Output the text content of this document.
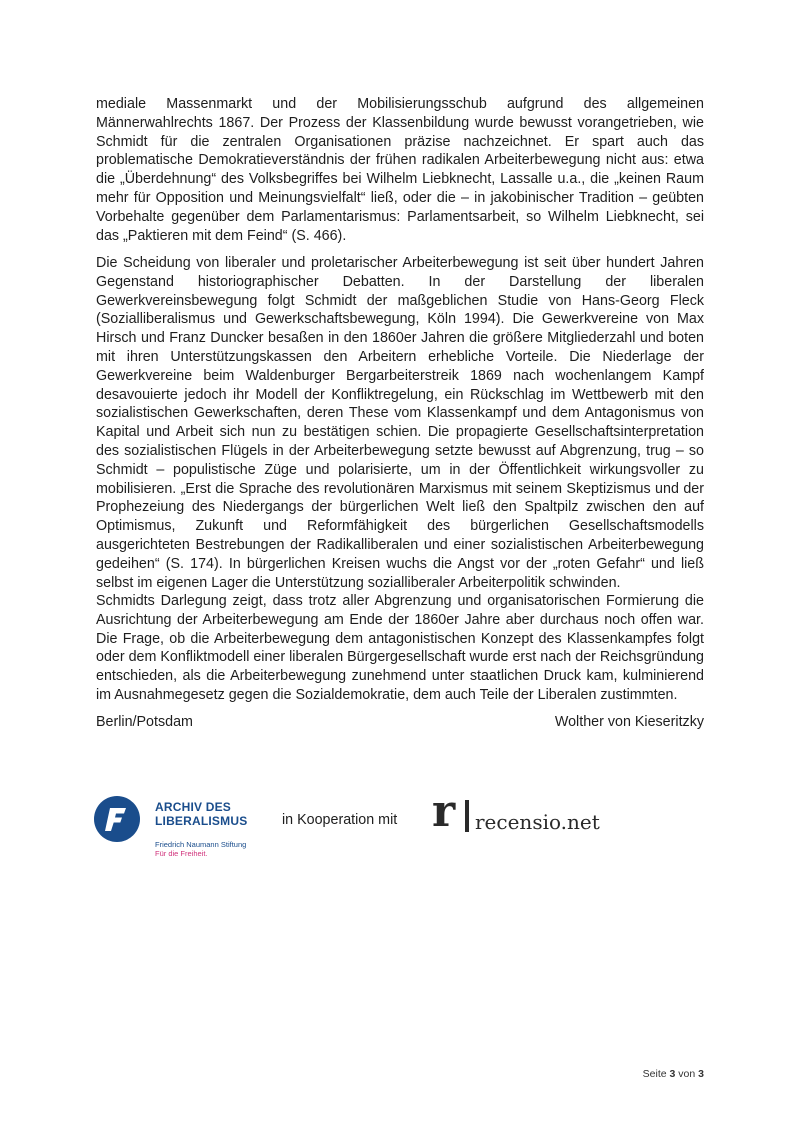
mediale Massenmarkt und der Mobilisierungsschub aufgrund des allgemeinen Männerwahlrechts 1867. Der Prozess der Klassenbildung wurde bewusst vorangetrieben, wie Schmidt für die zentralen Organisationen präzise nachzeichnet. Er spart auch das problematische Demokratieverständnis der frühen radikalen Arbeiterbewegung nicht aus: etwa die „Überdehnung“ des Volksbegriffes bei Wilhelm Liebknecht, Lassalle u.a., die „keinen Raum mehr für Opposition und Meinungsvielfalt“ ließ, oder die – in jakobinischer Tradition – geübten Vorbehalte gegenüber dem Parlamentarismus: Parlamentsarbeit, so Wilhelm Liebknecht, sei das „Paktieren mit dem Feind“ (S. 466).

Die Scheidung von liberaler und proletarischer Arbeiterbewegung ist seit über hundert Jahren Gegenstand historiographischer Debatten. In der Darstellung der liberalen Gewerkvereinsbewegung folgt Schmidt der maßgeblichen Studie von Hans-Georg Fleck (Sozialliberalismus und Gewerkschaftsbewegung, Köln 1994). Die Gewerkvereine von Max Hirsch und Franz Duncker besaßen in den 1860er Jahren die größere Mitgliederzahl und boten mit ihren Unterstützungskassen den Arbeitern erhebliche Vorteile. Die Niederlage der Gewerkvereine beim Waldenburger Bergarbeiterstreik 1869 nach wochenlangem Kampf desavouierte jedoch ihr Modell der Konfliktregelung, ein Rückschlag im Wettbewerb mit den sozialistischen Gewerkschaften, deren These vom Klassenkampf und dem Antagonismus von Kapital und Arbeit sich nun zu bestätigen schien. Die propagierte Gesellschaftsinterpretation des sozialistischen Flügels in der Arbeiterbewegung setzte bewusst auf Abgrenzung, trug – so Schmidt – populistische Züge und polarisierte, um in der Öffentlichkeit wirkungsvoller zu mobilisieren. „Erst die Sprache des revolutionären Marxismus mit seinem Skeptizismus und der Prophezeiung des Niedergangs der bürgerlichen Welt ließ den Spaltpilz zwischen den auf Optimismus, Zukunft und Reformfähigkeit des bürgerlichen Gesellschaftsmodells ausgerichteten Bestrebungen der Radikalliberalen und einer sozialistischen Arbeiterbewegung gedeihen“ (S. 174). In bürgerlichen Kreisen wuchs die Angst vor der „roten Gefahr“ und ließ selbst im eigenen Lager die Unterstützung sozialliberaler Arbeiterpolitik schwinden.

Schmidts Darlegung zeigt, dass trotz aller Abgrenzung und organisatorischen Formierung die Ausrichtung der Arbeiterbewegung am Ende der 1860er Jahre aber durchaus noch offen war. Die Frage, ob die Arbeiterbewegung dem antagonistischen Konzept des Klassenkampfes folgt oder dem Konfliktmodell einer liberalen Bürgergesellschaft wurde erst nach der Reichsgründung entschieden, als die Arbeiterbewegung zunehmend unter staatlichen Druck kam, kulminierend im Ausnahmegesetz gegen die Sozialdemokratie, dem auch Teile der Liberalen zustimmten.

Berlin/Potsdam	Wolther von Kieseritzky
ARCHIV DES
LIBERALISMUS
Friedrich Naumann Stiftung
Für die Freiheit.
in Kooperation mit r recensio.net
Seite 3 von 3
